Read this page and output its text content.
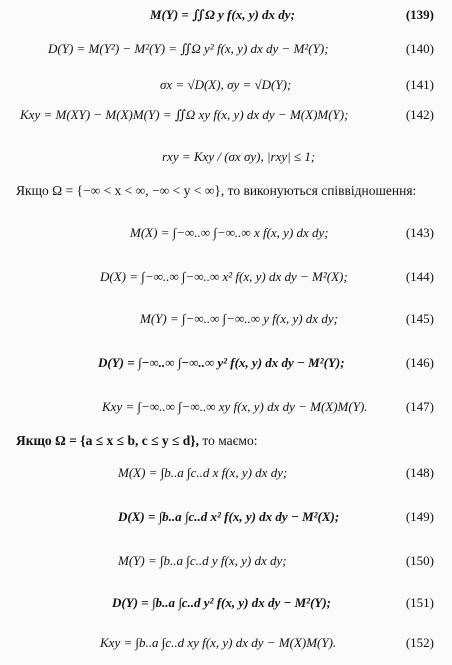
M(Y) = ∬Ω y f(x, y) dx dy;	(139)
D(Y) = M(Y²) − M²(Y) = ∬Ω y² f(x, y) dx dy − M²(Y);	(140)
σx = √D(X), σy = √D(Y);	(141)
Kxy = M(XY) − M(X)M(Y) = ∬Ω xy f(x, y) dx dy − M(X)M(Y);	(142)
rxy = Kxy / (σx σy), |rxy| ≤ 1;
Якщо Ω = {−∞ < x < ∞, −∞ < y < ∞}, то виконуються співвідношення:
M(X) = ∫−∞..∞ ∫−∞..∞ x f(x, y) dx dy;	(143)
D(X) = ∫−∞..∞ ∫−∞..∞ x² f(x, y) dx dy − M²(X);	(144)
M(Y) = ∫−∞..∞ ∫−∞..∞ y f(x, y) dx dy;	(145)
D(Y) = ∫−∞..∞ ∫−∞..∞ y² f(x, y) dx dy − M²(Y);	(146)
Kxy = ∫−∞..∞ ∫−∞..∞ xy f(x, y) dx dy − M(X)M(Y).	(147)
Якщо Ω = {a ≤ x ≤ b, c ≤ y ≤ d}, то маємо:
M(X) = ∫b..a ∫c..d x f(x, y) dx dy;	(148)
D(X) = ∫b..a ∫c..d x² f(x, y) dx dy − M²(X);	(149)
M(Y) = ∫b..a ∫c..d y f(x, y) dx dy;	(150)
D(Y) = ∫b..a ∫c..d y² f(x, y) dx dy − M²(Y);	(151)
Kxy = ∫b..a ∫c..d xy f(x, y) dx dy − M(X)M(Y).	(152)
